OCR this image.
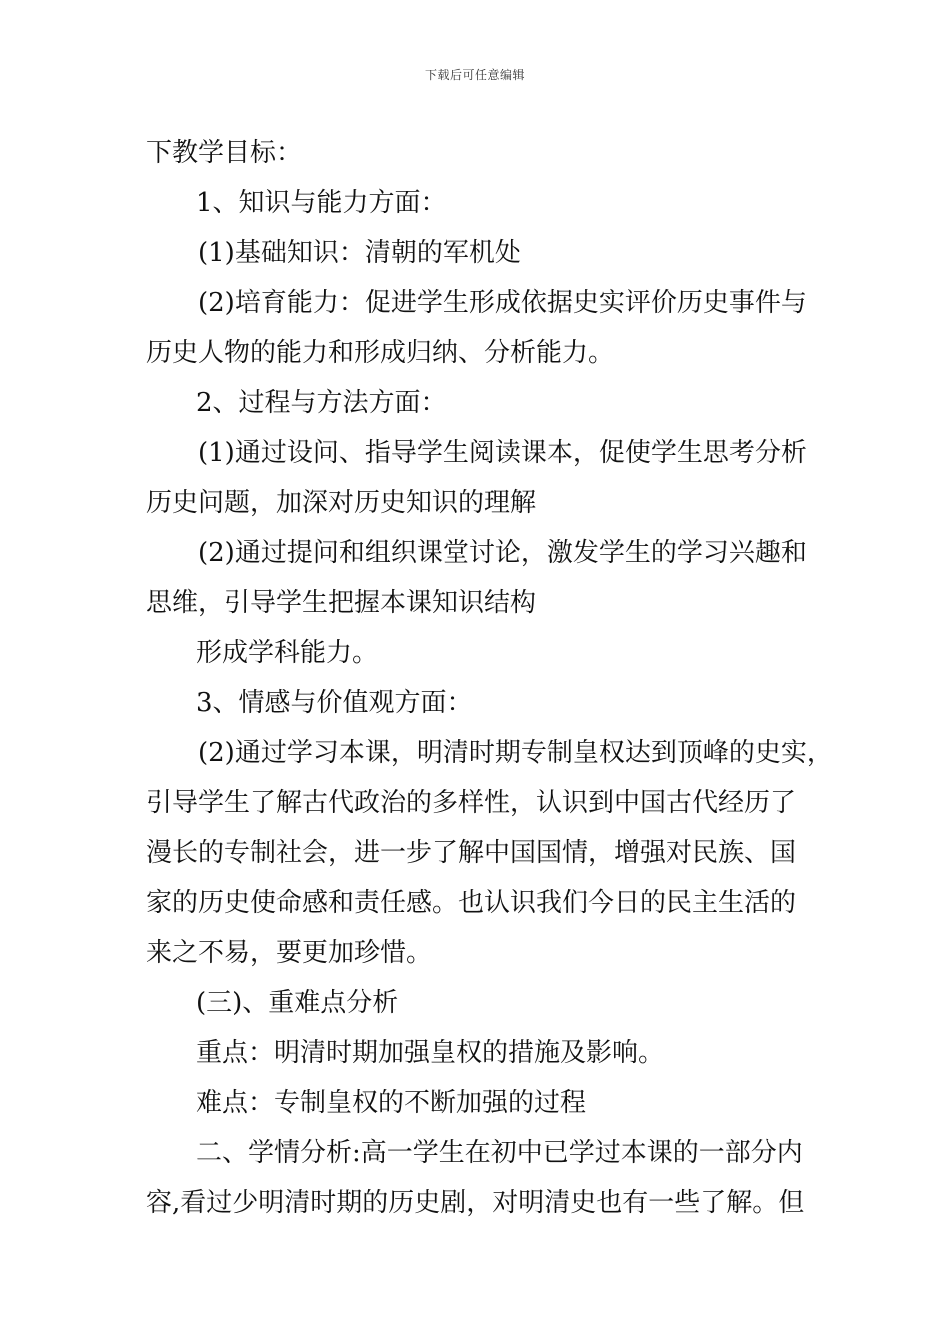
下载后可任意编辑
下教学目标：
1、知识与能力方面：
(1)基础知识：清朝的军机处
(2)培育能力：促进学生形成依据史实评价历史事件与
历史人物的能力和形成归纳、分析能力。
2、过程与方法方面：
(1)通过设问、指导学生阅读课本，促使学生思考分析
历史问题，加深对历史知识的理解
(2)通过提问和组织课堂讨论，激发学生的学习兴趣和
思维，引导学生把握本课知识结构
形成学科能力。
3、情感与价值观方面：
(2)通过学习本课，明清时期专制皇权达到顶峰的史实，
引导学生了解古代政治的多样性，认识到中国古代经历了
漫长的专制社会，进一步了解中国国情，增强对民族、国
家的历史使命感和责任感。也认识我们今日的民主生活的
来之不易，要更加珍惜。
(三)、重难点分析
重点：明清时期加强皇权的措施及影响。
难点：专制皇权的不断加强的过程
二、学情分析:高一学生在初中已学过本课的一部分内
容,看过少明清时期的历史剧，对明清史也有一些了解。但
